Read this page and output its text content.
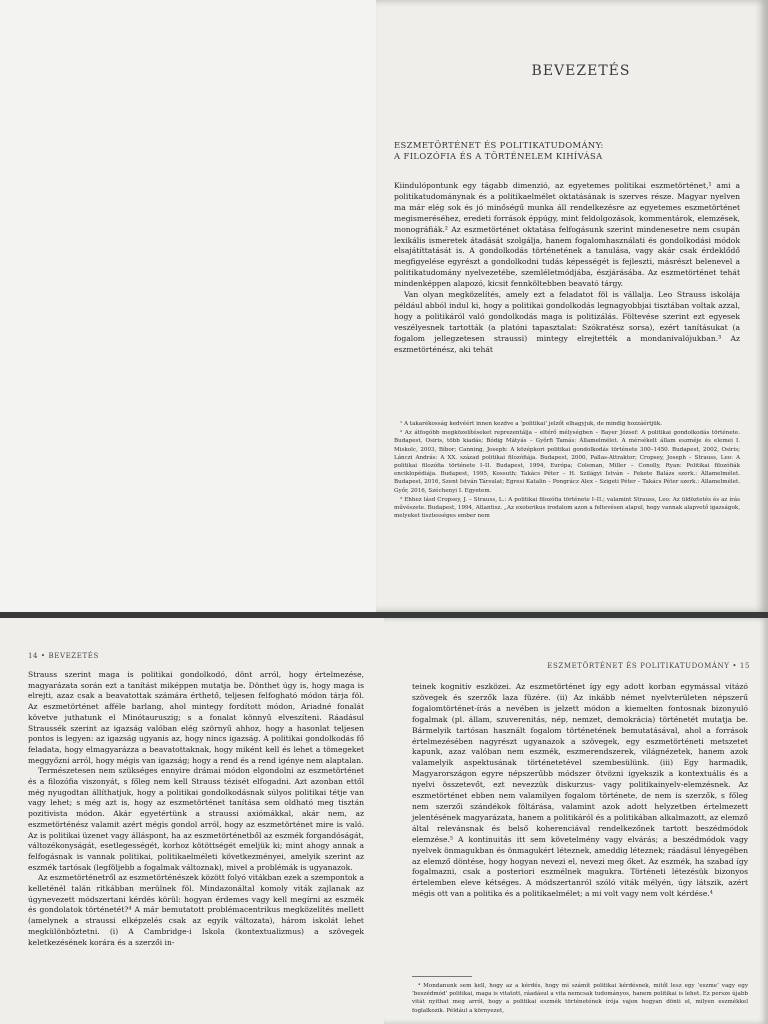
BEVEZETÉS
ESZMETÖRTÉNET ÉS POLITIKATUDOMÁNY:
A FILOZÓFIA ÉS A TÖRTÉNELEM KIHÍVÁSA

Kiindulópontunk egy tágabb dimenzió, az egyetemes politikai eszmetörténet,¹ ami a politikatudománynak és a politikaelmélet oktatásának is szerves része. Magyar nyelven ma már elég sok és jó minőségű munka áll rendelkezésre az egyetemes eszmetörténet megismeréséhez, eredeti források éppúgy, mint feldolgozások, kommentárok, elemzések, monográfiák.² Az eszmetörténet oktatása felfogásunk szerint mindenesetre nem csupán lexikális ismeretek átadását szolgálja, hanem fogalomhasználati és gondolkodási módok elsajátíttatását is. A gondolkodás történetének a tanulása, vagy akár csak érdeklődő megfigyelése egyrészt a gondolkodni tudás képességét is fejleszti, másrészt belenevel a politikatudomány nyelvezetébe, szemléletmódjába, észjárásába. Az eszmetörténet tehát mindenképpen alapozó, kicsit fennköltebben beavató tárgy.

Van olyan megközelítés, amely ezt a feladatot föl is vállalja. Leo Strauss iskolája például abból indul ki, hogy a politikai gondolkodás legnagyobbjai tisztában voltak azzal, hogy a politikáról való gondolkodás maga is politizálás. Föltevése szerint ezt egyesek veszélyesnek tartották (a platóni tapasztalat: Szókratész sorsa), ezért tanításukat (a fogalom jellegzetesen straussi) mintegy elrejtették a mondanivalójukban.³ Az eszmetörténész, aki tehát

¹ A takarékosság kedvéért innen kezdve a ’politikai’ jelzőt elhagyjuk, de mindig hozzáértjük.

² Az átfogóbb megközelítéseket reprezentálja – eltérő mélységben – Bayer József: A politikai gondolkodás története. Budapest, Osiris, több kiadás; Bódig Mátyás – Győrfi Tamás: Államelmélet. A mérsékelt állam eszméje és elemei I. Miskolc, 2003, Bíbor; Canning, Joseph: A középkori politikai gondolkodás története 300–1450. Budapest, 2002, Osiris; Lánczi András: A XX. század politikai filozófiája. Budapest, 2000, Pallas-Attraktor; Cropsey, Joseph – Strauss, Leo: A politikai filozófia története I–II. Budapest, 1994, Európa; Coleman, Miller – Conolly, Ryan: Politikai filozófiák enciklopédiája. Budapest, 1995, Kossuth; Takács Péter – H. Szilágyi István – Fekete Balázs szerk.: Államelmélet. Budapest, 2016, Szent István Társulat; Egresi Katalin – Pongrácz Alex – Szigeti Péter – Takács Péter szerk.: Államelmélet. Győr, 2016, Széchenyi I. Egyetem.

³ Ehhez lásd Cropsey, J. – Strauss, L.: A politikai filozófia története I–II.; valamint Strauss, Leo: Az üldöztetés és az írás művészete. Budapest, 1994, Atlantisz. „Az exoterikus irodalom azon a feltevésen alapul, hogy vannak alapvető igazságok, melyeket tisztességes ember nem

14 • BEVEZETÉS

Strauss szerint maga is politikai gondolkodó, dönt arról, hogy értelmezése, magyarázata során ezt a tanítást miképpen mutatja be. Dönthet úgy is, hogy maga is elrejti, azaz csak a beavatottak számára érthető, teljesen felfogható módon tárja föl. Az eszmetörténet afféle barlang, ahol mintegy fordított módon, Ariadné fonalát követve juthatunk el Minótauruszig; s a fonalat könnyű elveszíteni. Ráadásul Straussék szerint az igazság valóban elég szörnyű ahhoz, hogy a hasonlat teljesen pontos is legyen: az igazság ugyanis az, hogy nincs igazság. A politikai gondolkodás fő feladata, hogy elmagyarázza a beavatottaknak, hogy miként kell és lehet a tömegeket meggyőzni arról, hogy mégis van igazság; hogy a rend és a rend igénye nem alaptalan.

Természetesen nem szükséges ennyire drámai módon elgondolni az eszmetörténet és a filozófia viszonyát, s főleg nem kell Strauss tézisét elfogadni. Azt azonban ettől még nyugodtan állíthatjuk, hogy a politikai gondolkodásnak súlyos politikai tétje van vagy lehet; s még azt is, hogy az eszmetörténet tanítása sem oldható meg tisztán pozitivista módon. Akár egyetértünk a straussi axiómákkal, akár nem, az eszmetörténész valamit azért mégis gondol arról, hogy az eszmetörténet mire is való. Az is politikai üzenet vagy álláspont, ha az eszmetörténetből az eszmék forgandóságát, változékonyságát, esetlegességét, korhoz kötöttségét emeljük ki; mint ahogy annak a felfogásnak is vannak politikai, politikaelméleti következményei, amelyik szerint az eszmék tartósak (legföljebb a fogalmak változnak), mivel a problémák is ugyanazok.

Az eszmetörténetről az eszmetörténészek között folyó vitákban ezek a szempontok a kelleténél talán ritkábban merülnek föl. Mindazonáltal komoly viták zajlanak az úgynevezett módszertani kérdés körül: hogyan érdemes vagy kell megírni az eszmék és gondolatok történetét?⁴ A már bemutatott problémacentrikus megközelítés mellett (amelynek a straussi elképzelés csak az egyik változata), három iskolát lehet megkülönböztetni. (i) A Cambridge-i Iskola (kontextualizmus) a szövegek keletkezésének korára és a szerzői in-

ESZMETÖRTÉNET ÉS POLITIKATUDOMÁNY • 15

teinek kognitív eszközei. Az eszmetörténet így egy adott korban egymással vitázó szövegek és szerzők laza füzére. (ii) Az inkább német nyelvterületen népszerű fogalomtörténet-írás a nevében is jelzett módon a kiemelten fontosnak bizonyuló fogalmak (pl. állam, szuverenitás, nép, nemzet, demokrácia) történetét mutatja be. Bármelyik tartósan használt fogalom történetének bemutatásával, ahol a források értelmezésében nagyrészt ugyanazok a szövegek, egy eszmetörténeti metszetet kapunk, azaz valóban nem eszmék, eszmerendszerek, világnézetek, hanem azok valamelyik aspektusának történetetével szembesülünk. (iii) Egy harmadik, Magyarországon egyre népszerűbb módszer ötvözni igyekszik a kontextuális és a nyelvi összetevőt, ezt nevezzük diskurzus- vagy politikainyelv-elemzésnek. Az eszmetörténet ebben nem valamilyen fogalom története, de nem is szerzők, s főleg nem szerzői szándékok föltárása, valamint azok adott helyzetben értelmezett jelentésének magyarázata, hanem a politikáról és a politikában alkalmazott, az elemző által relevánsnak és belső koherenciával rendelkezőnek tartott beszédmódok elemzése.⁵ A kontinuitás itt sem követelmény vagy elvárás; a beszédmódok vagy nyelvek önmagukban és önmagukért léteznek, ameddig léteznek; ráadásul lényegében az elemző döntése, hogy hogyan nevezi el, nevezi meg őket. Az eszmék, ha szabad így fogalmazni, csak a posteriori eszmélnek magukra. Történeti létezésük bizonyos értelemben eleve kétséges. A módszertanról szóló viták mélyén, úgy látszik, azért mégis ott van a politika és a politikaelmélet; a mi volt vagy nem volt kérdése.⁴

⁴ Mondanunk sem kell, hogy az a kérdés, hogy mi számít politikai kérdésnek, mitől lesz egy ’eszme’ vagy egy ’beszédmód’ politikai, maga is vitatott, ráadásul a vita nemcsak tudományos, hanem politikai is lehet. Ez persze újabb vitát nyithat meg arról, hogy a politikai eszmék történetének írója vajon hogyan dönti el, milyen eszmékkel foglalkozik. Például a környezet,
